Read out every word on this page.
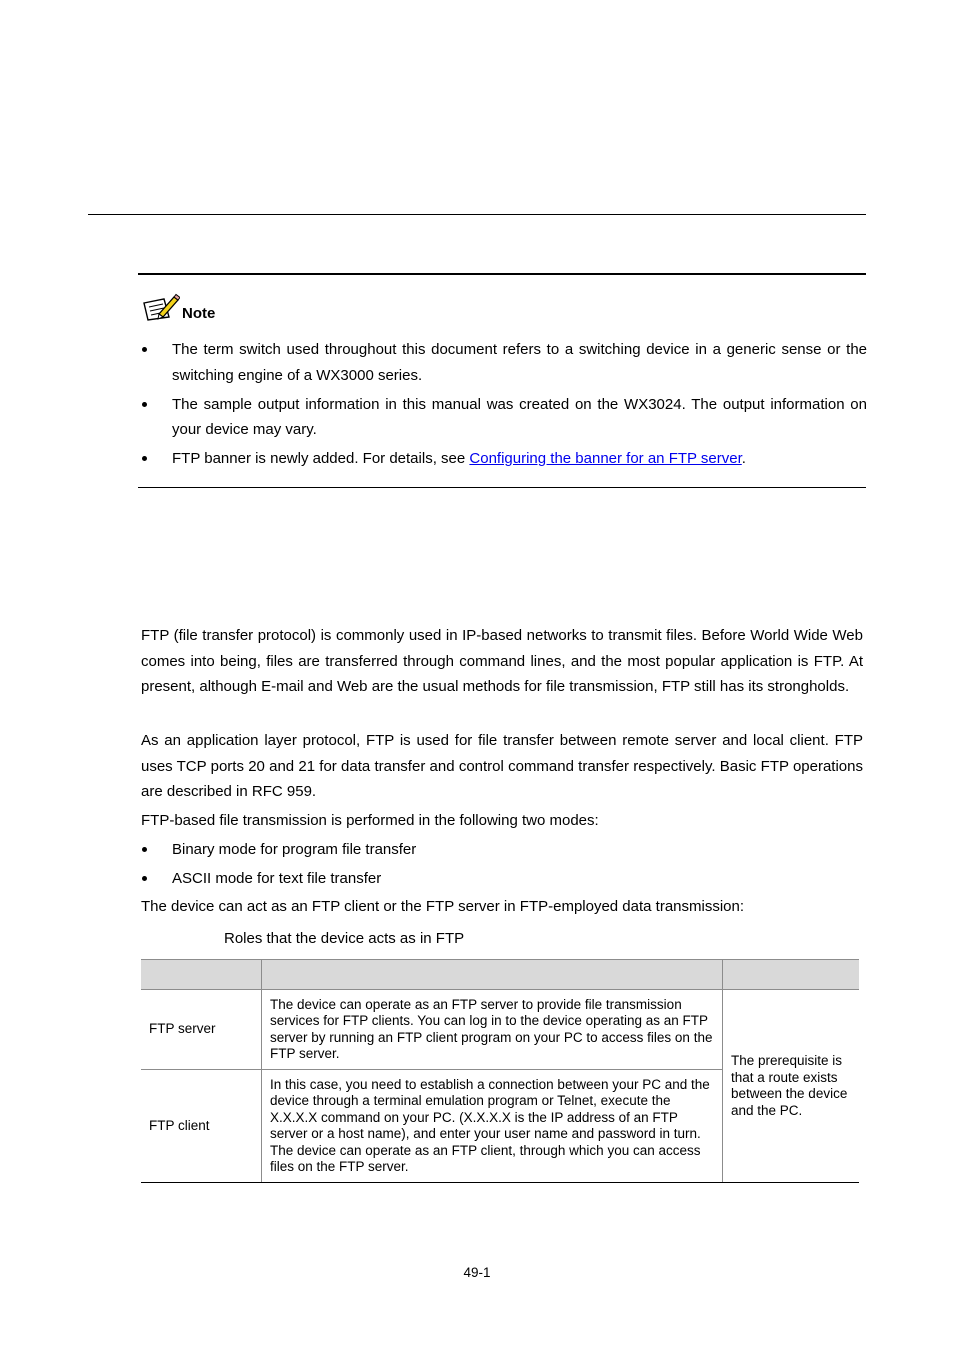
Note
The term switch used throughout this document refers to a switching device in a generic sense or the switching engine of a WX3000 series.
The sample output information in this manual was created on the WX3024. The output information on your device may vary.
FTP banner is newly added. For details, see Configuring the banner for an FTP server.

FTP (file transfer protocol) is commonly used in IP-based networks to transmit files. Before World Wide Web comes into being, files are transferred through command lines, and the most popular application is FTP. At present, although E-mail and Web are the usual methods for file transmission, FTP still has its strongholds.

As an application layer protocol, FTP is used for file transfer between remote server and local client. FTP uses TCP ports 20 and 21 for data transfer and control command transfer respectively. Basic FTP operations are described in RFC 959.

FTP-based file transmission is performed in the following two modes:

Binary mode for program file transfer
ASCII mode for text file transfer

The device can act as an FTP client or the FTP server in FTP-employed data transmission:

Roles that the device acts as in FTP

FTP server	The device can operate as an FTP server to provide file transmission services for FTP clients. You can log in to the device operating as an FTP server by running an FTP client program on your PC to access files on the FTP server.	The prerequisite is that a route exists between the device and the PC.
FTP client	In this case, you need to establish a connection between your PC and the device through a terminal emulation program or Telnet, execute theX.X.X.X command on your PC. (X.X.X.X is the IP address of an FTP server or a host name), and enter your user name and password in turn. The device can operate as an FTP client, through which you can access files on the FTP server.	
49-1
